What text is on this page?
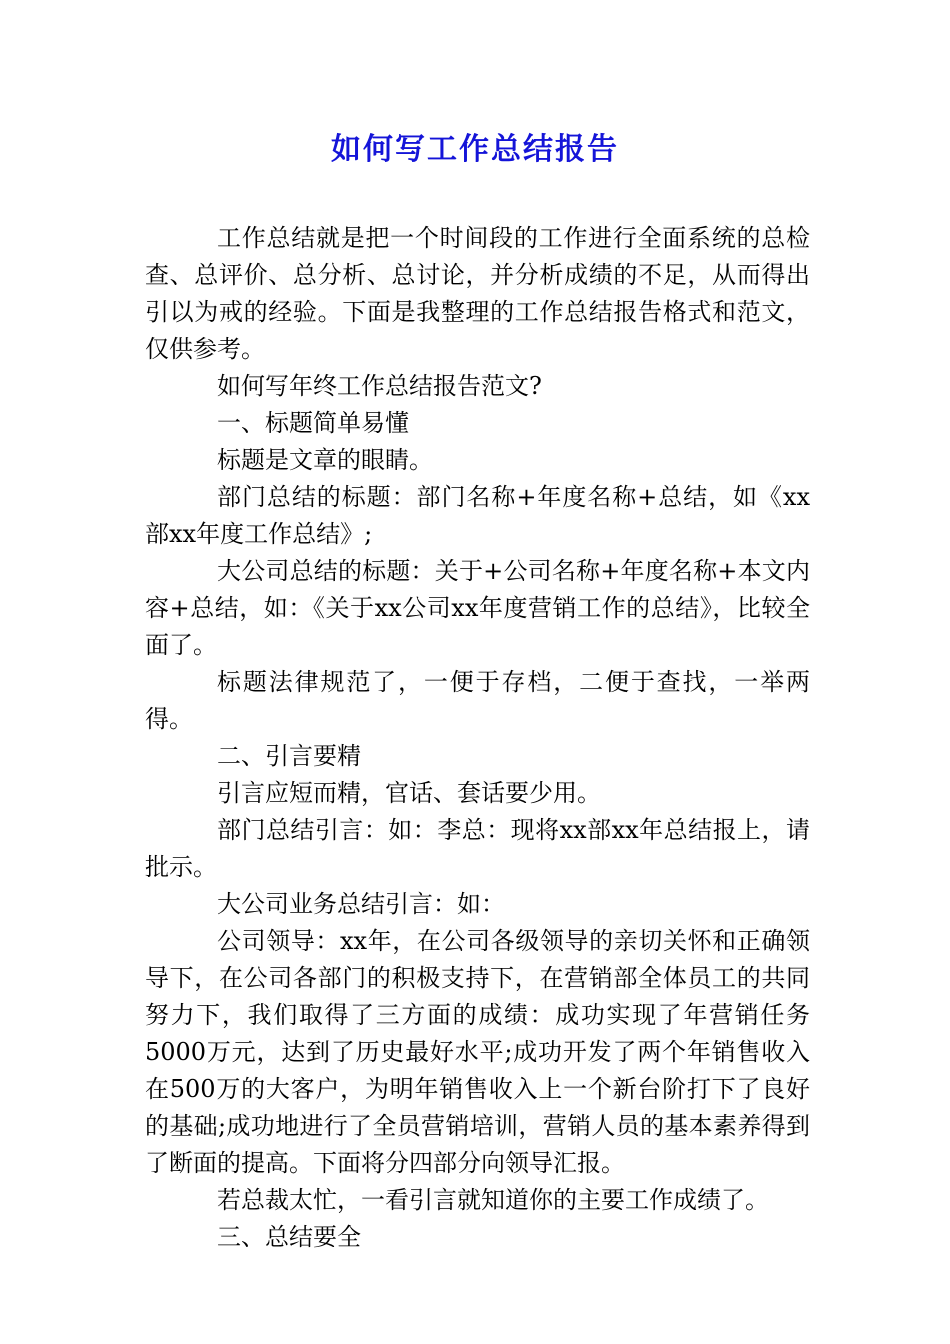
如何写工作总结报告

工作总结就是把一个时间段的工作进行全面系统的总检查、总评价、总分析、总讨论，并分析成绩的不足，从而得出引以为戒的经验。下面是我整理的工作总结报告格式和范文，仅供参考。

如何写年终工作总结报告范文?

一、标题简单易懂

标题是文章的眼睛。

部门总结的标题：部门名称+年度名称+总结，如《xx部xx年度工作总结》;

大公司总结的标题：关于+公司名称+年度名称+本文内容+总结，如：《关于xx公司xx年度营销工作的总结》，比较全面了。

标题法律规范了，一便于存档，二便于查找，一举两得。

二、引言要精

引言应短而精，官话、套话要少用。

部门总结引言：如：李总：现将xx部xx年总结报上，请批示。

大公司业务总结引言：如：

公司领导：xx年，在公司各级领导的亲切关怀和正确领导下，在公司各部门的积极支持下，在营销部全体员工的共同努力下，我们取得了三方面的成绩：成功实现了年营销任务5000万元，达到了历史最好水平;成功开发了两个年销售收入在500万的大客户，为明年销售收入上一个新台阶打下了良好的基础;成功地进行了全员营销培训，营销人员的基本素养得到了断面的提高。下面将分四部分向领导汇报。

若总裁太忙，一看引言就知道你的主要工作成绩了。

三、总结要全
